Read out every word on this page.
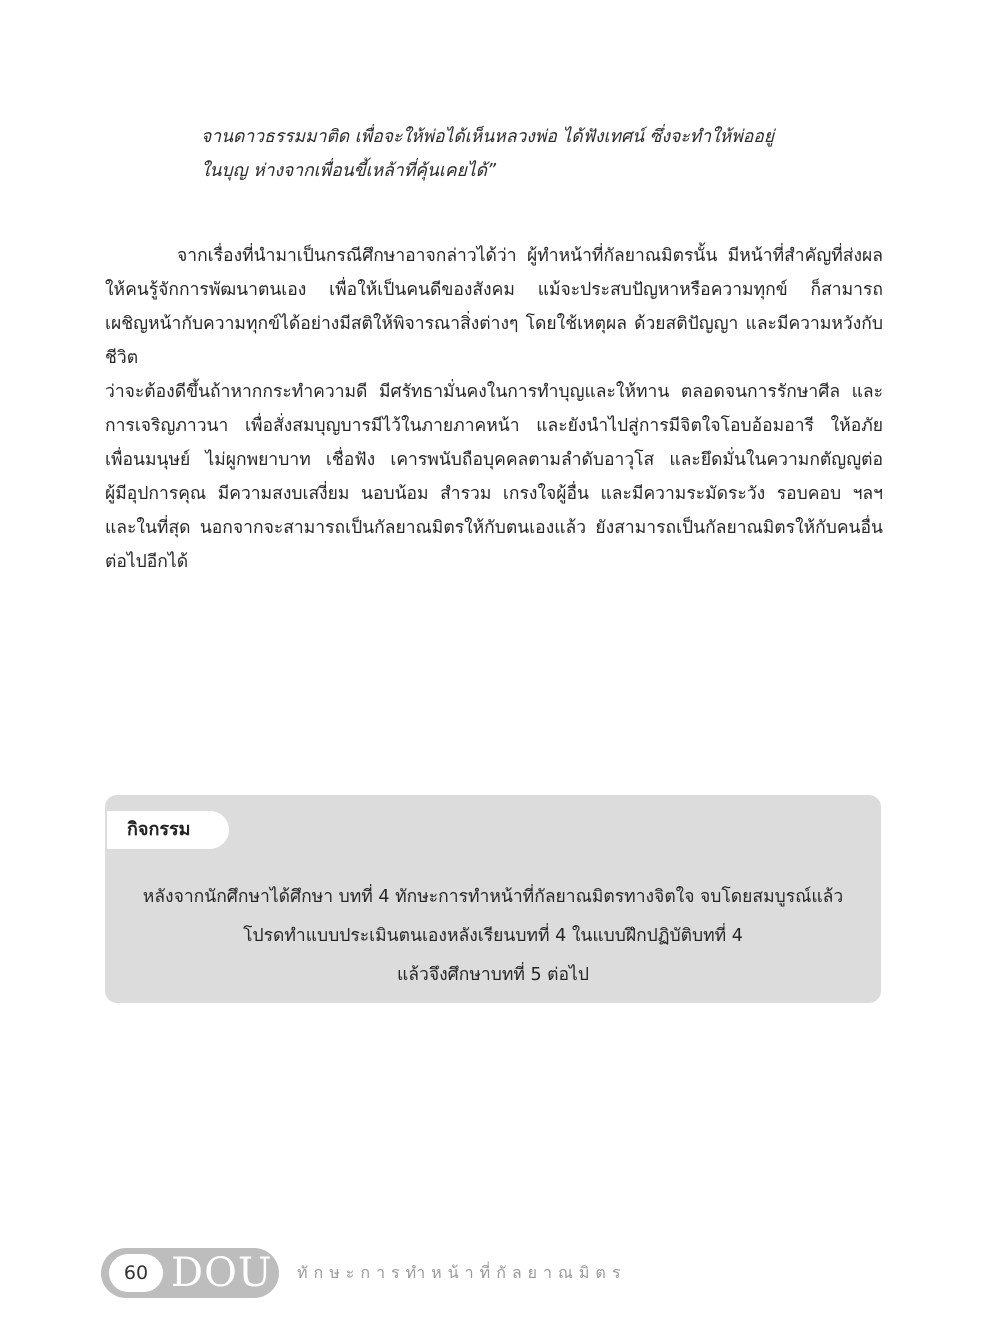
จานดาวธรรมมาติด เพื่อจะให้พ่อได้เห็นหลวงพ่อ ได้ฟังเทศน์ ซึ่งจะทำให้พ่ออยู่
ในบุญ ห่างจากเพื่อนขี้เหล้าที่คุ้นเคยได้”
จากเรื่องที่นำมาเป็นกรณีศึกษาอาจกล่าวได้ว่า ผู้ทำหน้าที่กัลยาณมิตรนั้น มีหน้าที่สำคัญที่ส่งผล
ให้คนรู้จักการพัฒนาตนเอง เพื่อให้เป็นคนดีของสังคม แม้จะประสบปัญหาหรือความทุกข์ ก็สามารถ
เผชิญหน้ากับความทุกข์ได้อย่างมีสติให้พิจารณาสิ่งต่างๆ โดยใช้เหตุผล ด้วยสติปัญญา และมีความหวังกับชีวิต
ว่าจะต้องดีขึ้นถ้าหากกระทำความดี มีศรัทธามั่นคงในการทำบุญและให้ทาน ตลอดจนการรักษาศีล และ
การเจริญภาวนา เพื่อสั่งสมบุญบารมีไว้ในภายภาคหน้า และยังนำไปสู่การมีจิตใจโอบอ้อมอารี ให้อภัย
เพื่อนมนุษย์ ไม่ผูกพยาบาท เชื่อฟัง เคารพนับถือบุคคลตามลำดับอาวุโส และยึดมั่นในความกตัญญูต่อ
ผู้มีอุปการคุณ มีความสงบเสงี่ยม นอบน้อม สำรวม เกรงใจผู้อื่น และมีความระมัดระวัง รอบคอบ ฯลฯ
และในที่สุด นอกจากจะสามารถเป็นกัลยาณมิตรให้กับตนเองแล้ว ยังสามารถเป็นกัลยาณมิตรให้กับคนอื่น
ต่อไปอีกได้
กิจกรรม
หลังจากนักศึกษาได้ศึกษา บทที่ 4 ทักษะการทำหน้าที่กัลยาณมิตรทางจิตใจ จบโดยสมบูรณ์แล้ว
โปรดทำแบบประเมินตนเองหลังเรียนบทที่ 4 ในแบบฝึกปฏิบัติบทที่ 4
แล้วจึงศึกษาบทที่ 5 ต่อไป
60 DOU ทักษะการทำหน้าที่กัลยาณมิตร
